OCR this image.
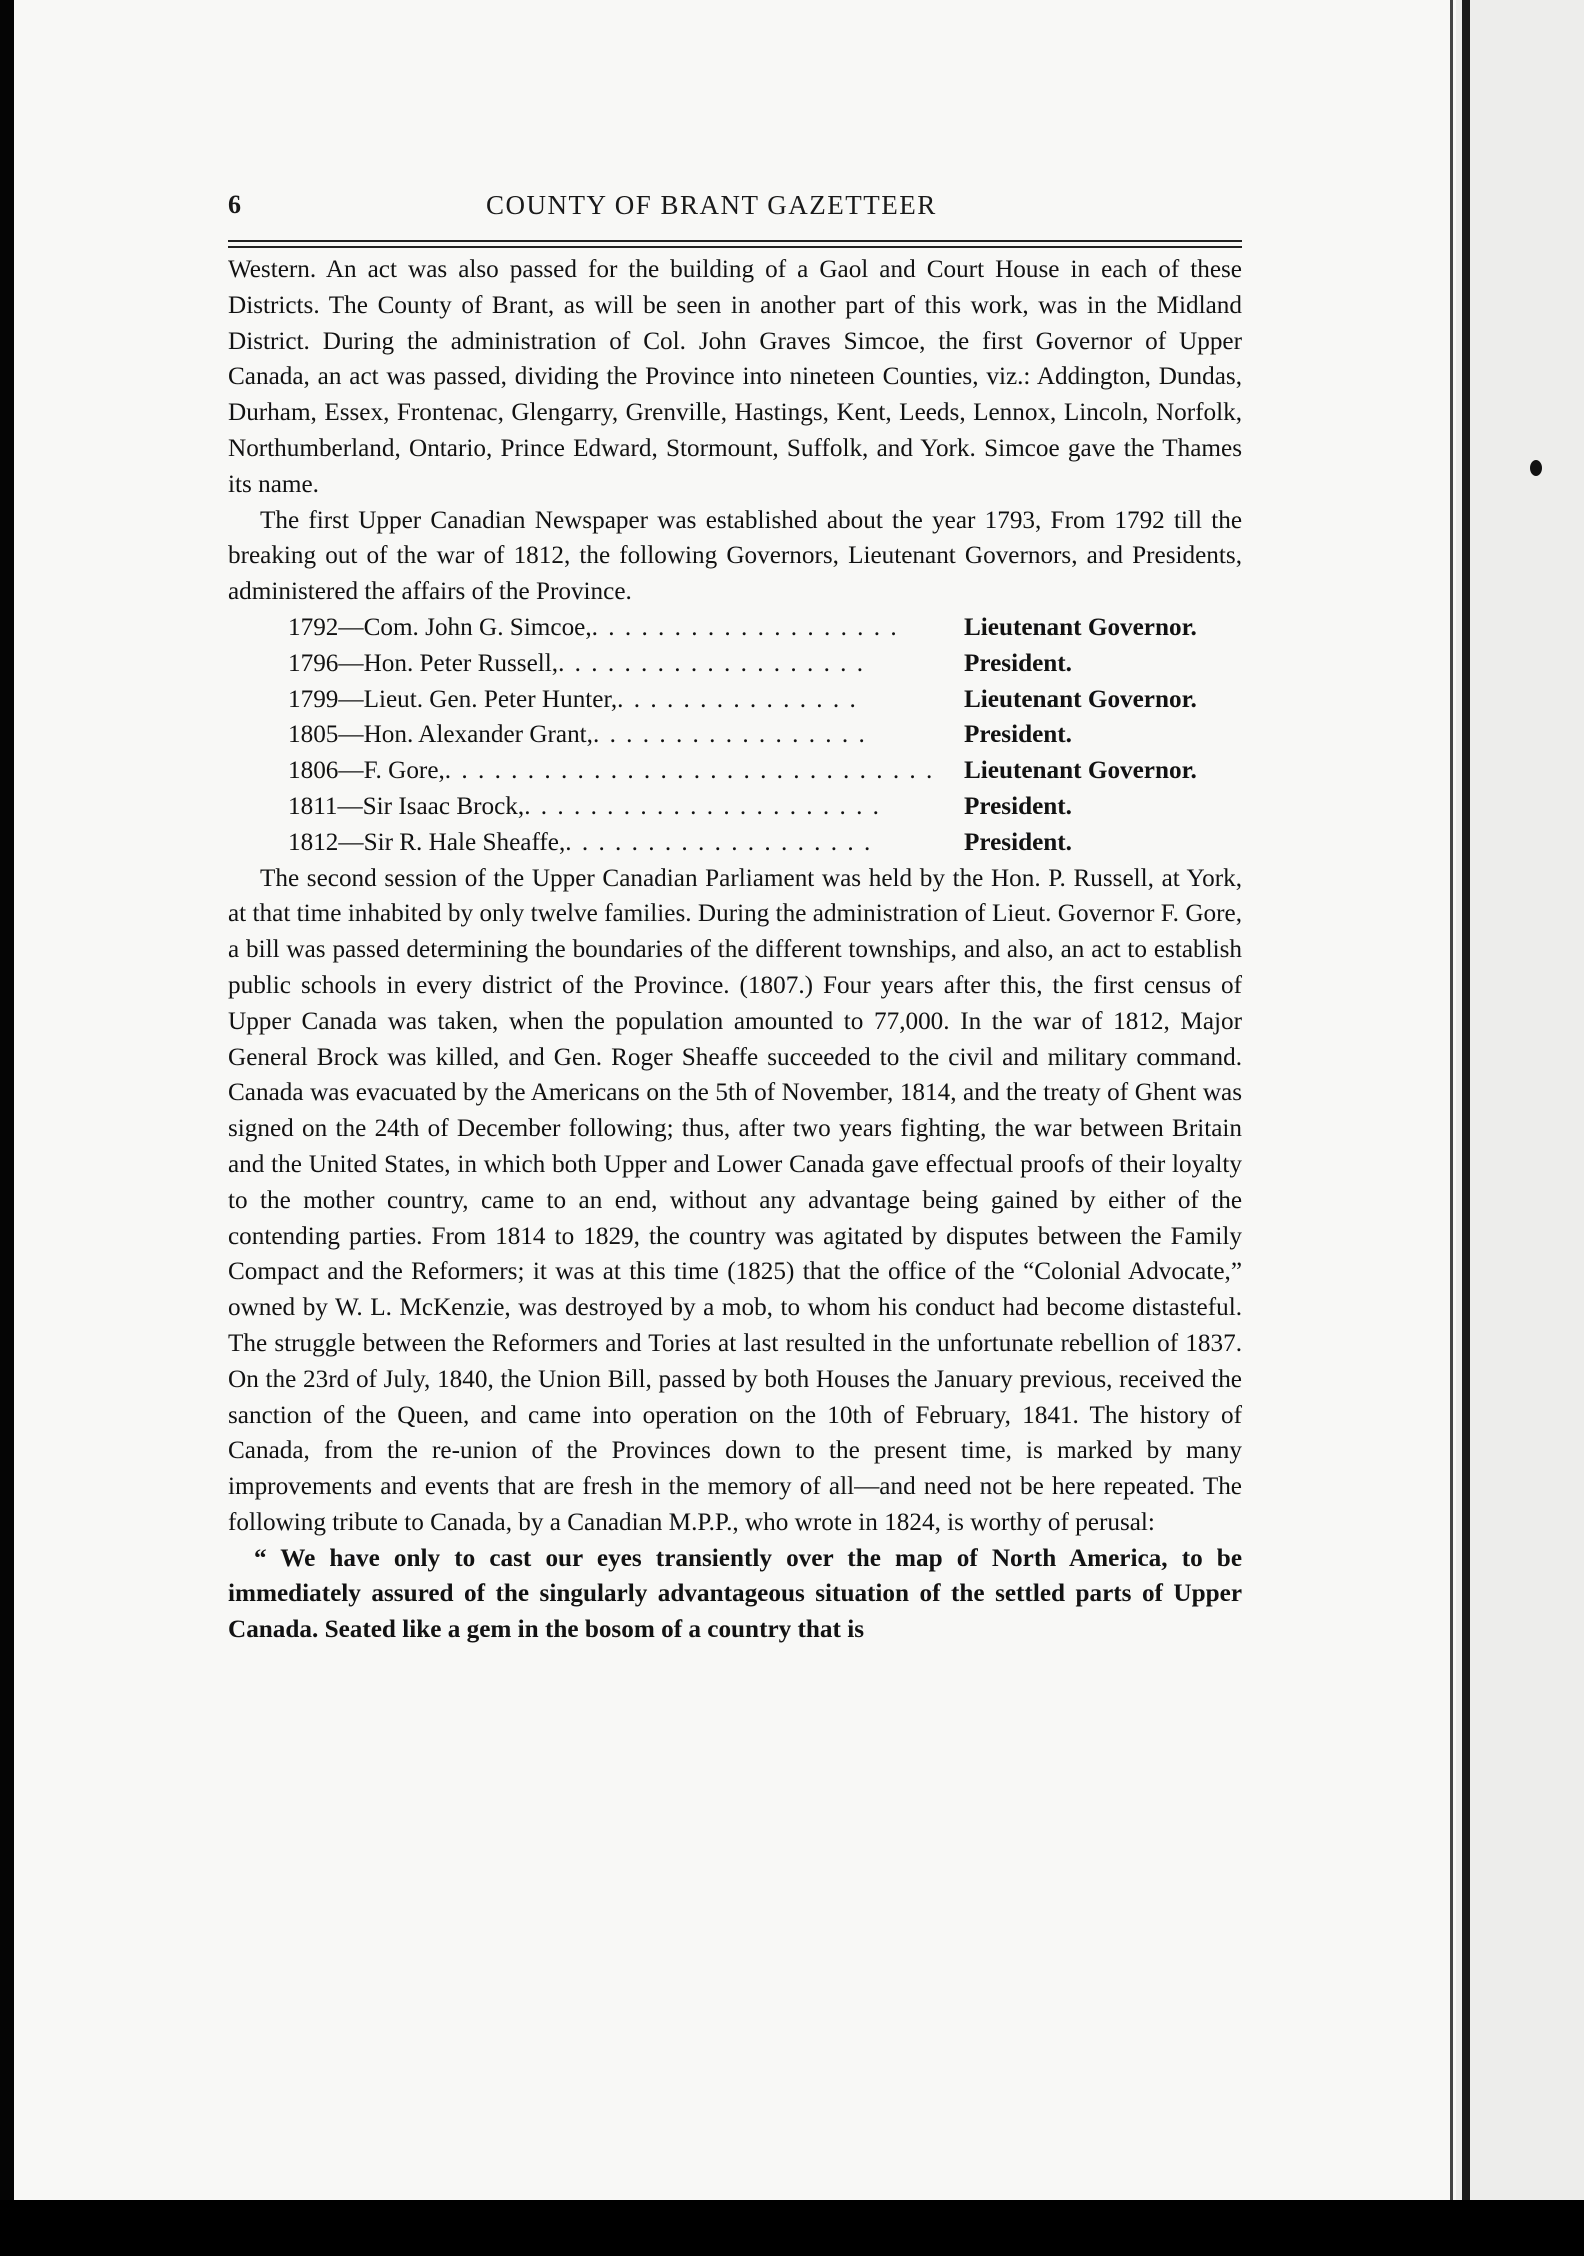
6	COUNTY OF BRANT GAZETTEER

Western. An act was also passed for the building of a Gaol and Court House in each of these Districts. The County of Brant, as will be seen in another part of this work, was in the Midland District. During the administration of Col. John Graves Simcoe, the first Governor of Upper Canada, an act was passed, dividing the Province into nineteen Counties, viz.: Addington, Dundas, Durham, Essex, Frontenac, Glengarry, Grenville, Hastings, Kent, Leeds, Lennox, Lincoln, Norfolk, Northumberland, Ontario, Prince Edward, Stormount, Suffolk, and York. Simcoe gave the Thames its name.

The first Upper Canadian Newspaper was established about the year 1793, From 1792 till the breaking out of the war of 1812, the following Governors, Lieutenant Governors, and Presidents, administered the affairs of the Province.

1792—Com. John G. Simcoe, . . . . . . . . . . . . . . . . . . .	Lieutenant Governor.
1796—Hon. Peter Russell, . . . . . . . . . . . . . . . . . . .	President.
1799—Lieut. Gen. Peter Hunter, . . . . . . . . . . . . . . .	Lieutenant Governor.
1805—Hon. Alexander Grant, . . . . . . . . . . . . . . . . .	President.
1806—F. Gore, . . . . . . . . . . . . . . . . . . . . . . . . . . . . . . Lieutenant Governor.
1811—Sir Isaac Brock, . . . . . . . . . . . . . . . . . . . . . .	President.
1812—Sir R. Hale Sheaffe, . . . . . . . . . . . . . . . . . . .	President.

The second session of the Upper Canadian Parliament was held by the Hon. P. Russell, at York, at that time inhabited by only twelve families. During the administration of Lieut. Governor F. Gore, a bill was passed determining the boundaries of the different townships, and also, an act to establish public schools in every district of the Province. (1807.) Four years after this, the first census of Upper Canada was taken, when the population amounted to 77,000. In the war of 1812, Major General Brock was killed, and Gen. Roger Sheaffe succeeded to the civil and military command. Canada was evacuated by the Americans on the 5th of November, 1814, and the treaty of Ghent was signed on the 24th of December following; thus, after two years fighting, the war between Britain and the United States, in which both Upper and Lower Canada gave effectual proofs of their loyalty to the mother country, came to an end, without any advantage being gained by either of the contending parties. From 1814 to 1829, the country was agitated by disputes between the Family Compact and the Reformers; it was at this time (1825) that the office of the “Colonial Advocate,” owned by W. L. McKenzie, was destroyed by a mob, to whom his conduct had become distasteful. The struggle between the Reformers and Tories at last resulted in the unfortunate rebellion of 1837. On the 23rd of July, 1840, the Union Bill, passed by both Houses the January previous, received the sanction of the Queen, and came into operation on the 10th of February, 1841. The history of Canada, from the re-union of the Provinces down to the present time, is marked by many improvements and events that are fresh in the memory of all—and need not be here repeated. The following tribute to Canada, by a Canadian M.P.P., who wrote in 1824, is worthy of perusal:

“ We have only to cast our eyes transiently over the map of North America, to be immediately assured of the singularly advantageous situation of the settled parts of Upper Canada. Seated like a gem in the bosom of a country that is
